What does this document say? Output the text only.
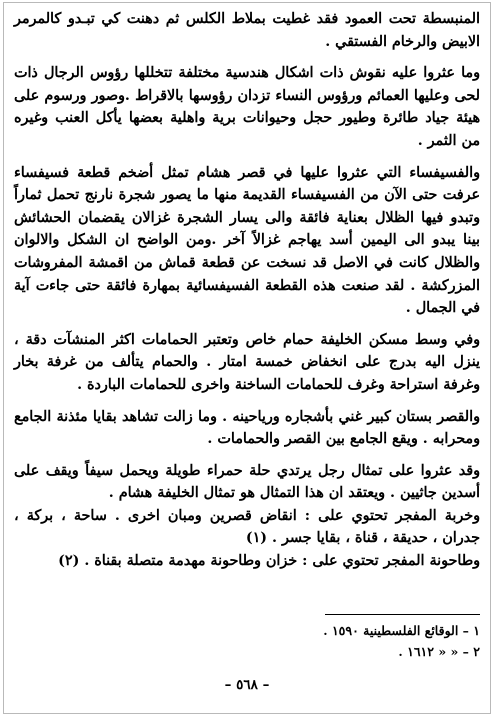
المنبسطة تحت العمود فقد غطيت بملاط الكلس ثم دهنت كي تبـدو كالمرمر الابيض والرخام الفستقي .

وما عثروا عليه نقوش ذات اشكال هندسية مختلفة تتخللها رؤوس الرجال ذات لحى وعليها العمائم ورؤوس النساء تزدان رؤوسها بالاقراط .وصور ورسوم على هيئة جياد طائرة وطيور حجل وحيوانات برية واهلية بعضها يأكل العنب وغيره من الثمر .

والفسيفساء التي عثروا عليها في قصر هشام تمثل أضخم قطعة فسيفساء عرفت حتى الآن من الفسيفساء القديمة منها ما يصور شجرة نارنج تحمل ثماراً وتبدو فيها الظلال بعناية فائقة والى يسار الشجرة غزالان يقضمان الحشائش بينا يبدو الى اليمين أسد يهاجم غزالاً آخر .ومن الواضح ان الشكل والالوان والظلال كانت في الاصل قد نسخت عن قطعة قماش من اقمشة المفروشات المزركشة . لقد صنعت هذه القطعة الفسيفسائية بمهارة فائقة حتى جاءت آية في الجمال .

وفي وسط مسكن الخليفة حمام خاص وتعتبر الحمامات اكثر المنشآت دقة ، ينزل اليه بدرج على انخفاض خمسة امتار . والحمام يتألف من غرفة بخار وغرفة استراحة وغرف للحمامات الساخنة واخرى للحمامات الباردة .

والقصر بستان كبير غني بأشجاره ورياحينه . وما زالت تشاهد بقايا مئذنة الجامع ومحرابه . ويقع الجامع بين القصر والحمامات .

وقد عثروا على تمثال رجل يرتدي حلة حمراء طويلة ويحمل سيفاً ويقف على أسدين جاثيين . ويعتقد ان هذا التمثال هو تمثال الخليفة هشام .

وخربة المفجر تحتوي على : انقاض قصرين ومبان اخرى . ساحة ، بركة ، جدران ، حديقة ، قناة ، بقايا جسر . (١)

وطاحونة المفجر تحتوي على : خزان وطاحونة مهدمة متصلة بقناة . (٢)

١ – الوقائع الفلسطينية ١٥٩٠ .

٢ – « « ١٦١٢ .

– ٥٦٨ –
